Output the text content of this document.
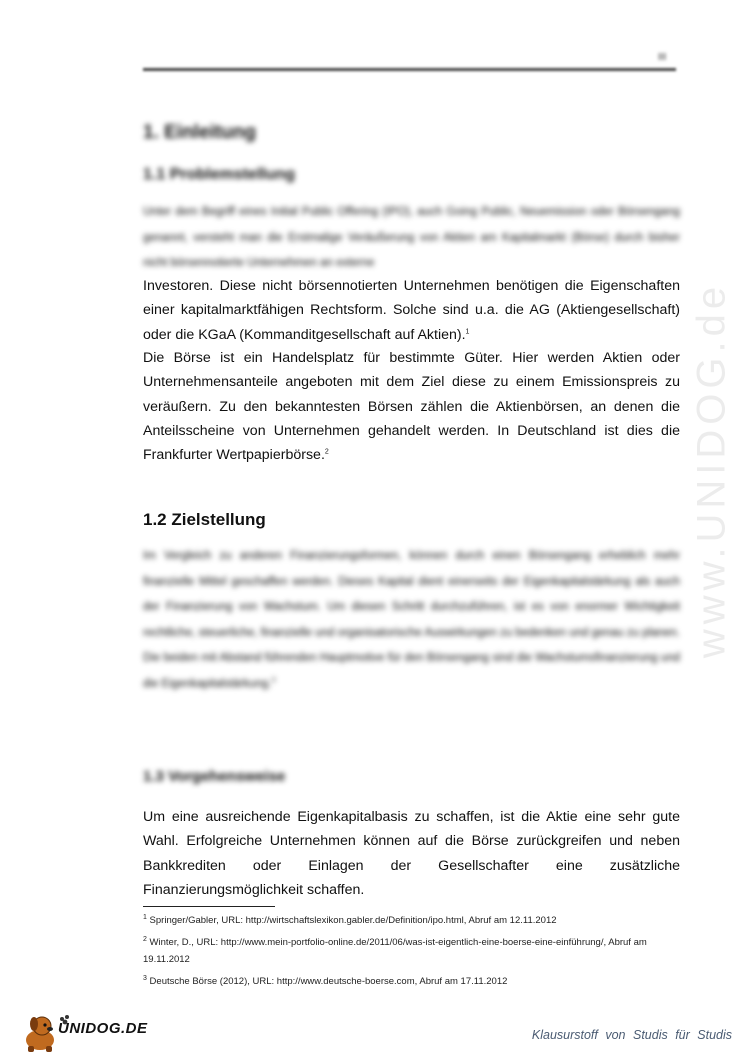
www.UNIDOG.de
III
1. Einleitung
1.1 Problemstellung
Unter dem Begriff eines Initial Public Offering (IPO), auch Going Public, Neuemission oder Börsengang genannt, versteht man die Erstmalige Veräußerung von Aktien am Kapitalmarkt (Börse) durch bisher nicht börsennotierte Unternehmen an externe
Investoren. Diese nicht börsennotierten Unternehmen benötigen die Eigenschaften einer kapitalmarktfähigen Rechtsform. Solche sind u.a. die AG (Aktiengesellschaft) oder die KGaA (Kommanditgesellschaft auf Aktien).$^1$
Die Börse ist ein Handelsplatz für bestimmte Güter. Hier werden Aktien oder Unternehmensanteile angeboten mit dem Ziel diese zu einem Emissionspreis zu veräußern. Zu den bekanntesten Börsen zählen die Aktienbörsen, an denen die Anteilsscheine von Unternehmen gehandelt werden. In Deutschland ist dies die Frankfurter Wertpapierbörse.$^2$
1.2 Zielstellung
Im Vergleich zu anderen Finanzierungsformen, können durch einen Börsengang erheblich mehr finanzielle Mittel geschaffen werden. Dieses Kapital dient einerseits der Eigenkapitalstärkung als auch der Finanzierung von Wachstum. Um diesen Schritt durchzuführen, ist es von enormer Wichtigkeit rechtliche, steuerliche, finanzielle und organisatorische Auswirkungen zu bedenken und genau zu planen. Die beiden mit Abstand führenden Hauptmotive für den Börsengang sind die Wachstumsfinanzierung und die Eigenkapitalstärkung.$^3$
1.3 Vorgehensweise
Um eine ausreichende Eigenkapitalbasis zu schaffen, ist die Aktie eine sehr gute Wahl. Erfolgreiche Unternehmen können auf die Börse zurückgreifen und neben Bankkrediten oder Einlagen der Gesellschafter eine zusätzliche Finanzierungsmöglichkeit schaffen.
$^1$ Springer/Gabler, URL: http://wirtschaftslexikon.gabler.de/Definition/ipo.html, Abruf am 12.11.2012
$^2$ Winter, D., URL: http://www.mein-portfolio-online.de/2011/06/was-ist-eigentlich-eine-boerse-eine-einführung/, Abruf am 19.11.2012
$^3$ Deutsche Börse (2012), URL: http://www.deutsche-boerse.com, Abruf am 17.11.2012
UNIDOG.DE	Klausurstoff von Studis für Studis
